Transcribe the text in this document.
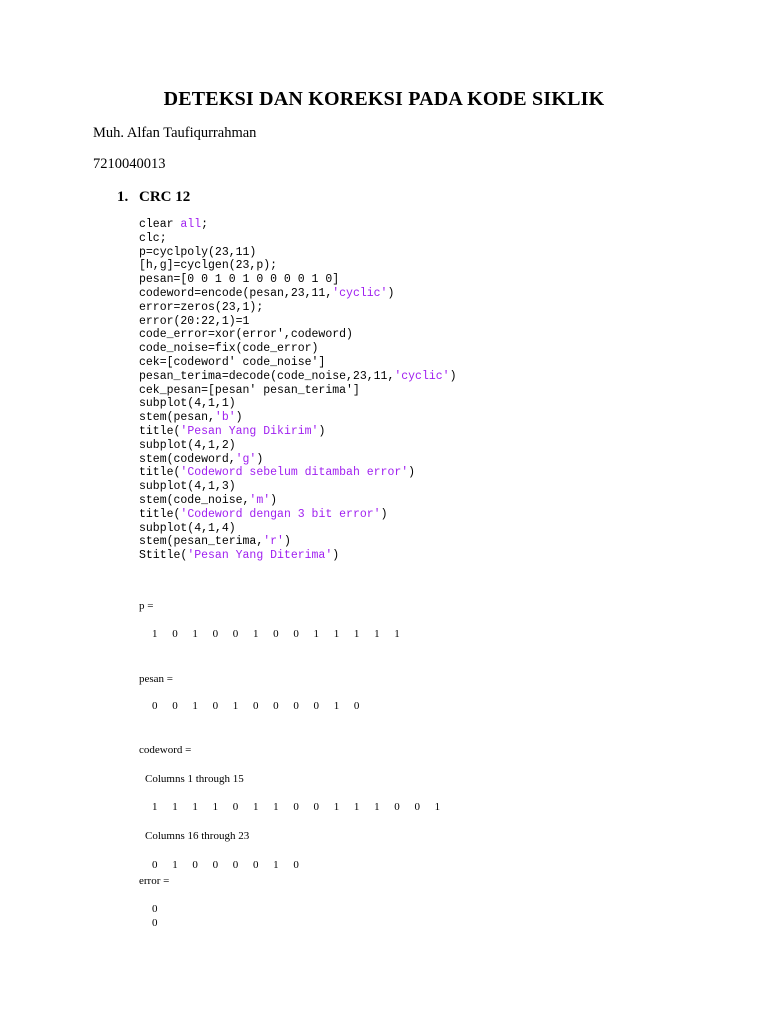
DETEKSI DAN KOREKSI PADA KODE SIKLIK
Muh. Alfan Taufiqurrahman
7210040013
1. CRC 12
clear all;
clc;
p=cyclpoly(23,11)
[h,g]=cyclgen(23,p);
pesan=[0 0 1 0 1 0 0 0 0 1 0]
codeword=encode(pesan,23,11,'cyclic')
error=zeros(23,1);
error(20:22,1)=1
code_error=xor(error',codeword)
code_noise=fix(code_error)
cek=[codeword' code_noise']
pesan_terima=decode(code_noise,23,11,'cyclic')
cek_pesan=[pesan' pesan_terima']
subplot(4,1,1)
stem(pesan,'b')
title('Pesan Yang Dikirim')
subplot(4,1,2)
stem(codeword,'g')
title('Codeword sebelum ditambah error')
subplot(4,1,3)
stem(code_noise,'m')
title('Codeword dengan 3 bit error')
subplot(4,1,4)
stem(pesan_terima,'r')
Stitle('Pesan Yang Diterima')
p =
1 0 1 0 0 1 0 0 1 1 1 1 1
pesan =
0 0 1 0 1 0 0 0 0 1 0
codeword =
Columns 1 through 15
1 1 1 1 0 1 1 0 0 1 1 1 0 0 1
Columns 16 through 23
0 1 0 0 0 0 1 0
error =
0
0
